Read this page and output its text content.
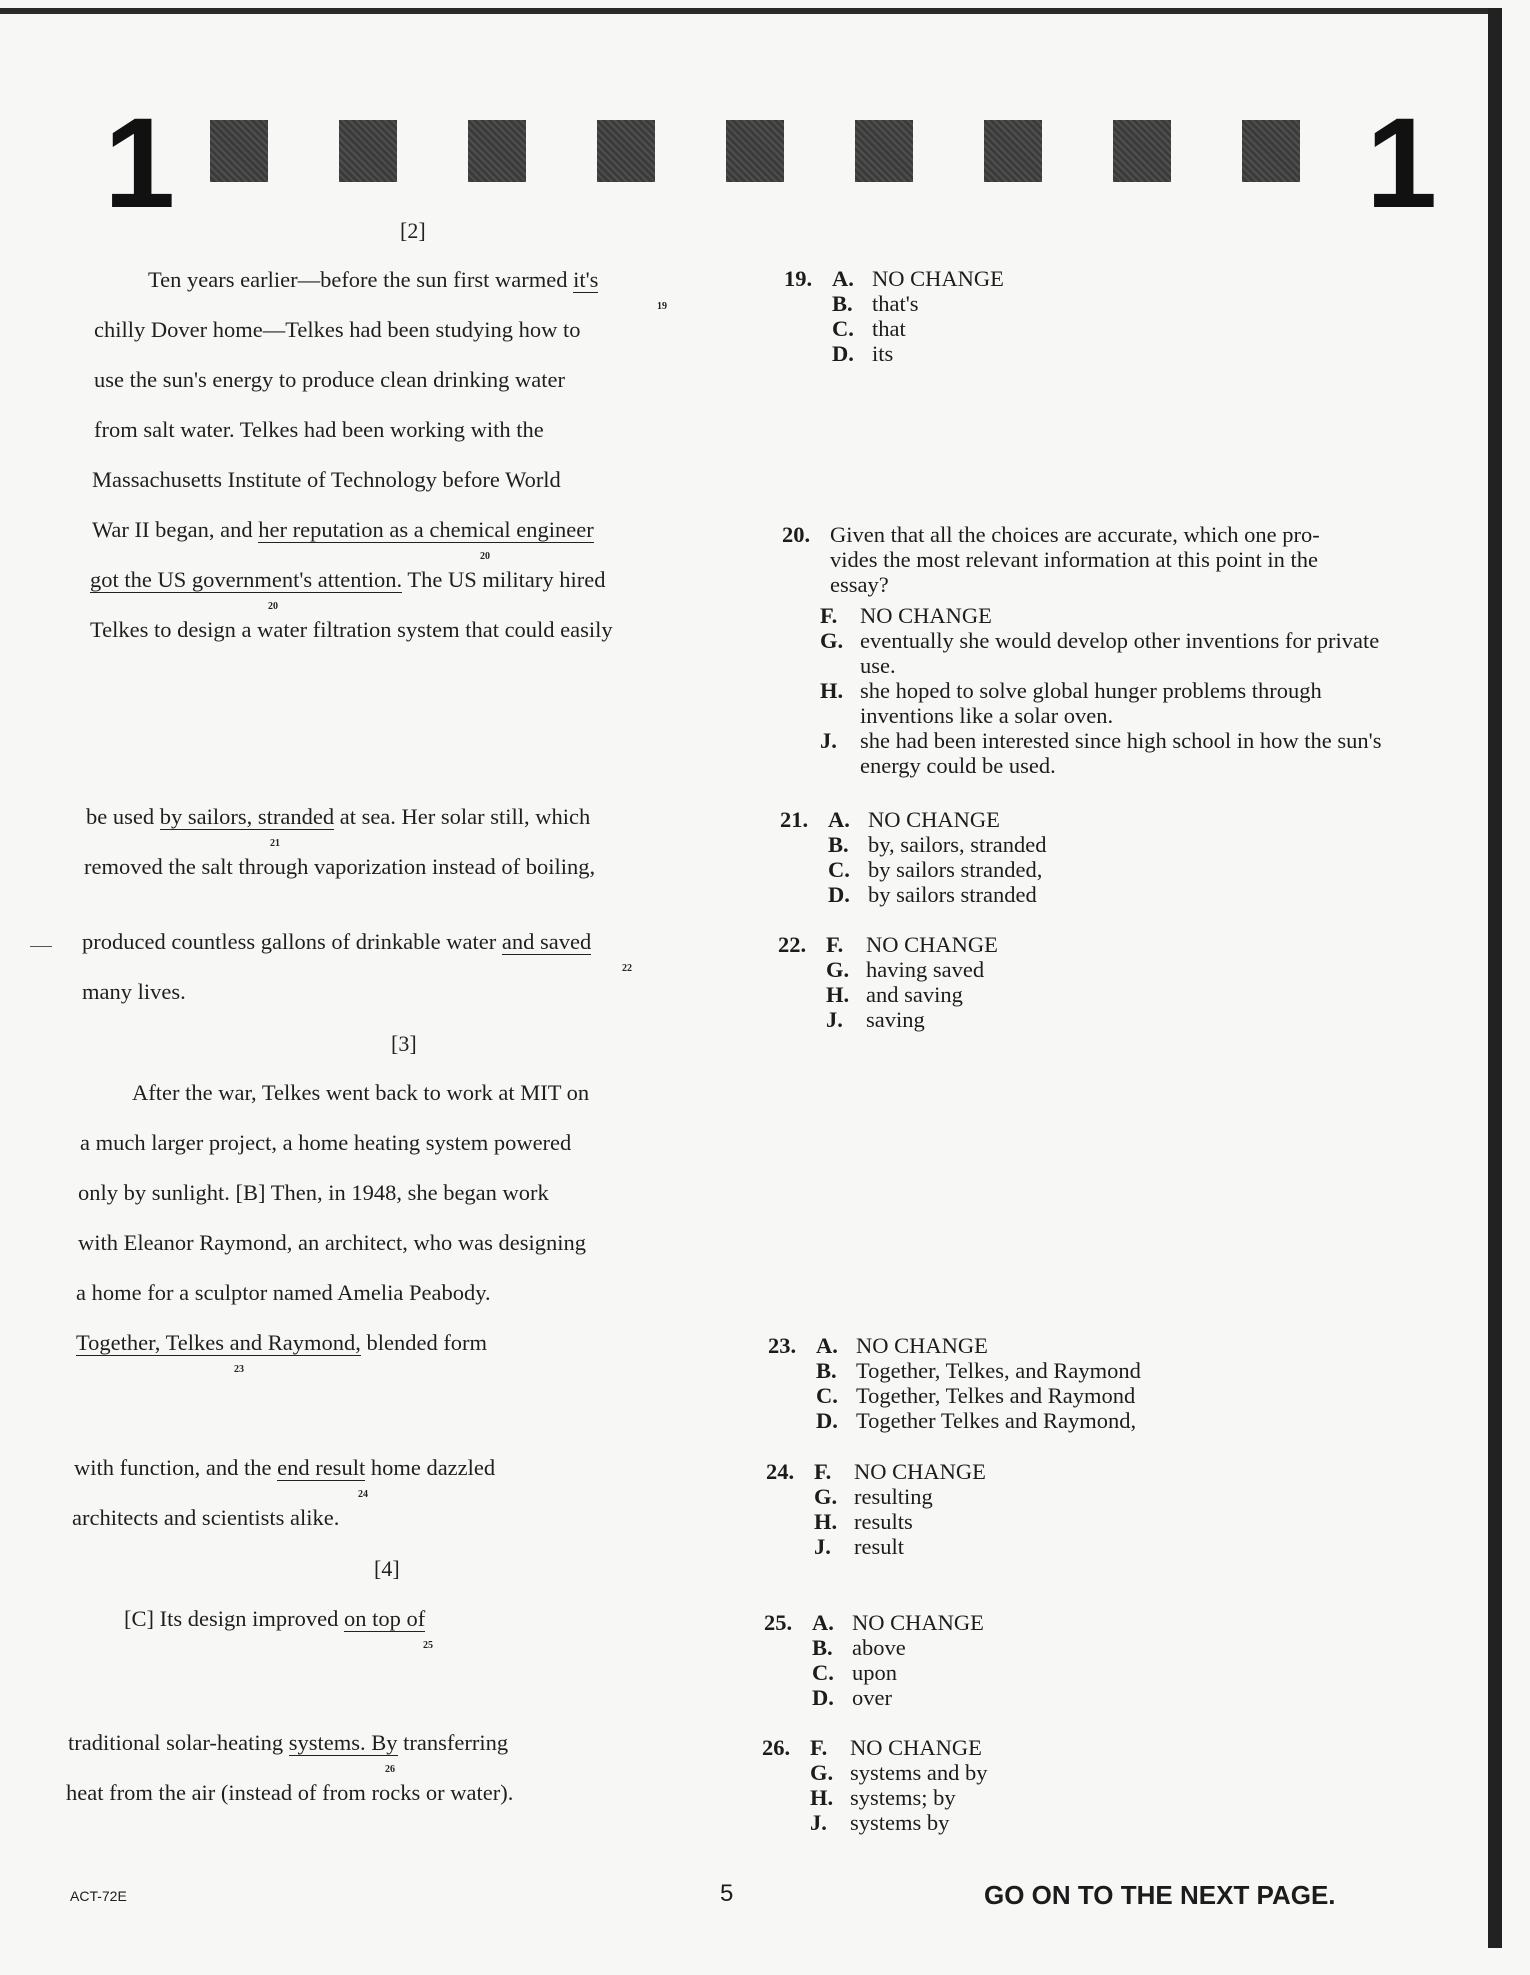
1	1
[2]
Ten years earlier—before the sun first warmed it's
19
chilly Dover home—Telkes had been studying how to
use the sun's energy to produce clean drinking water
from salt water. Telkes had been working with the
Massachusetts Institute of Technology before World
War II began, and her reputation as a chemical engineer
20
got the US government's attention. The US military hired
20
Telkes to design a water filtration system that could easily
be used by sailors, stranded at sea. Her solar still, which
21
removed the salt through vaporization instead of boiling,
produced countless gallons of drinkable water and saved
22
many lives.
[3]
After the war, Telkes went back to work at MIT on
a much larger project, a home heating system powered
only by sunlight. [B] Then, in 1948, she began work
with Eleanor Raymond, an architect, who was designing
a home for a sculptor named Amelia Peabody.
Together, Telkes and Raymond, blended form
23
with function, and the end result home dazzled
24
architects and scientists alike.
[4]
[C] Its design improved on top of
25
traditional solar-heating systems. By transferring
26
heat from the air (instead of from rocks or water).
19. A. NO CHANGE
B. that's
C. that
D. its
20. Given that all the choices are accurate, which one pro-
vides the most relevant information at this point in the
essay?
F.	NO CHANGE
G. eventually she would develop other inventions for private use.
H. she hoped to solve global hunger problems through inventions like a solar oven.
J.	she had been interested since high school in how the sun's energy could be used.
21. A. NO CHANGE
B. by, sailors, stranded
C. by sailors stranded,
D. by sailors stranded
22. F. NO CHANGE
G. having saved
H. and saving
J. saving
23. A. NO CHANGE
B. Together, Telkes, and Raymond
C. Together, Telkes and Raymond
D. Together Telkes and Raymond,
24. F. NO CHANGE
G. resulting
H. results
J. result
25. A. NO CHANGE
B. above
C. upon
D. over
26. F. NO CHANGE
G. systems and by
H. systems; by
J. systems by
ACT-72E	5	GO ON TO THE NEXT PAGE.
